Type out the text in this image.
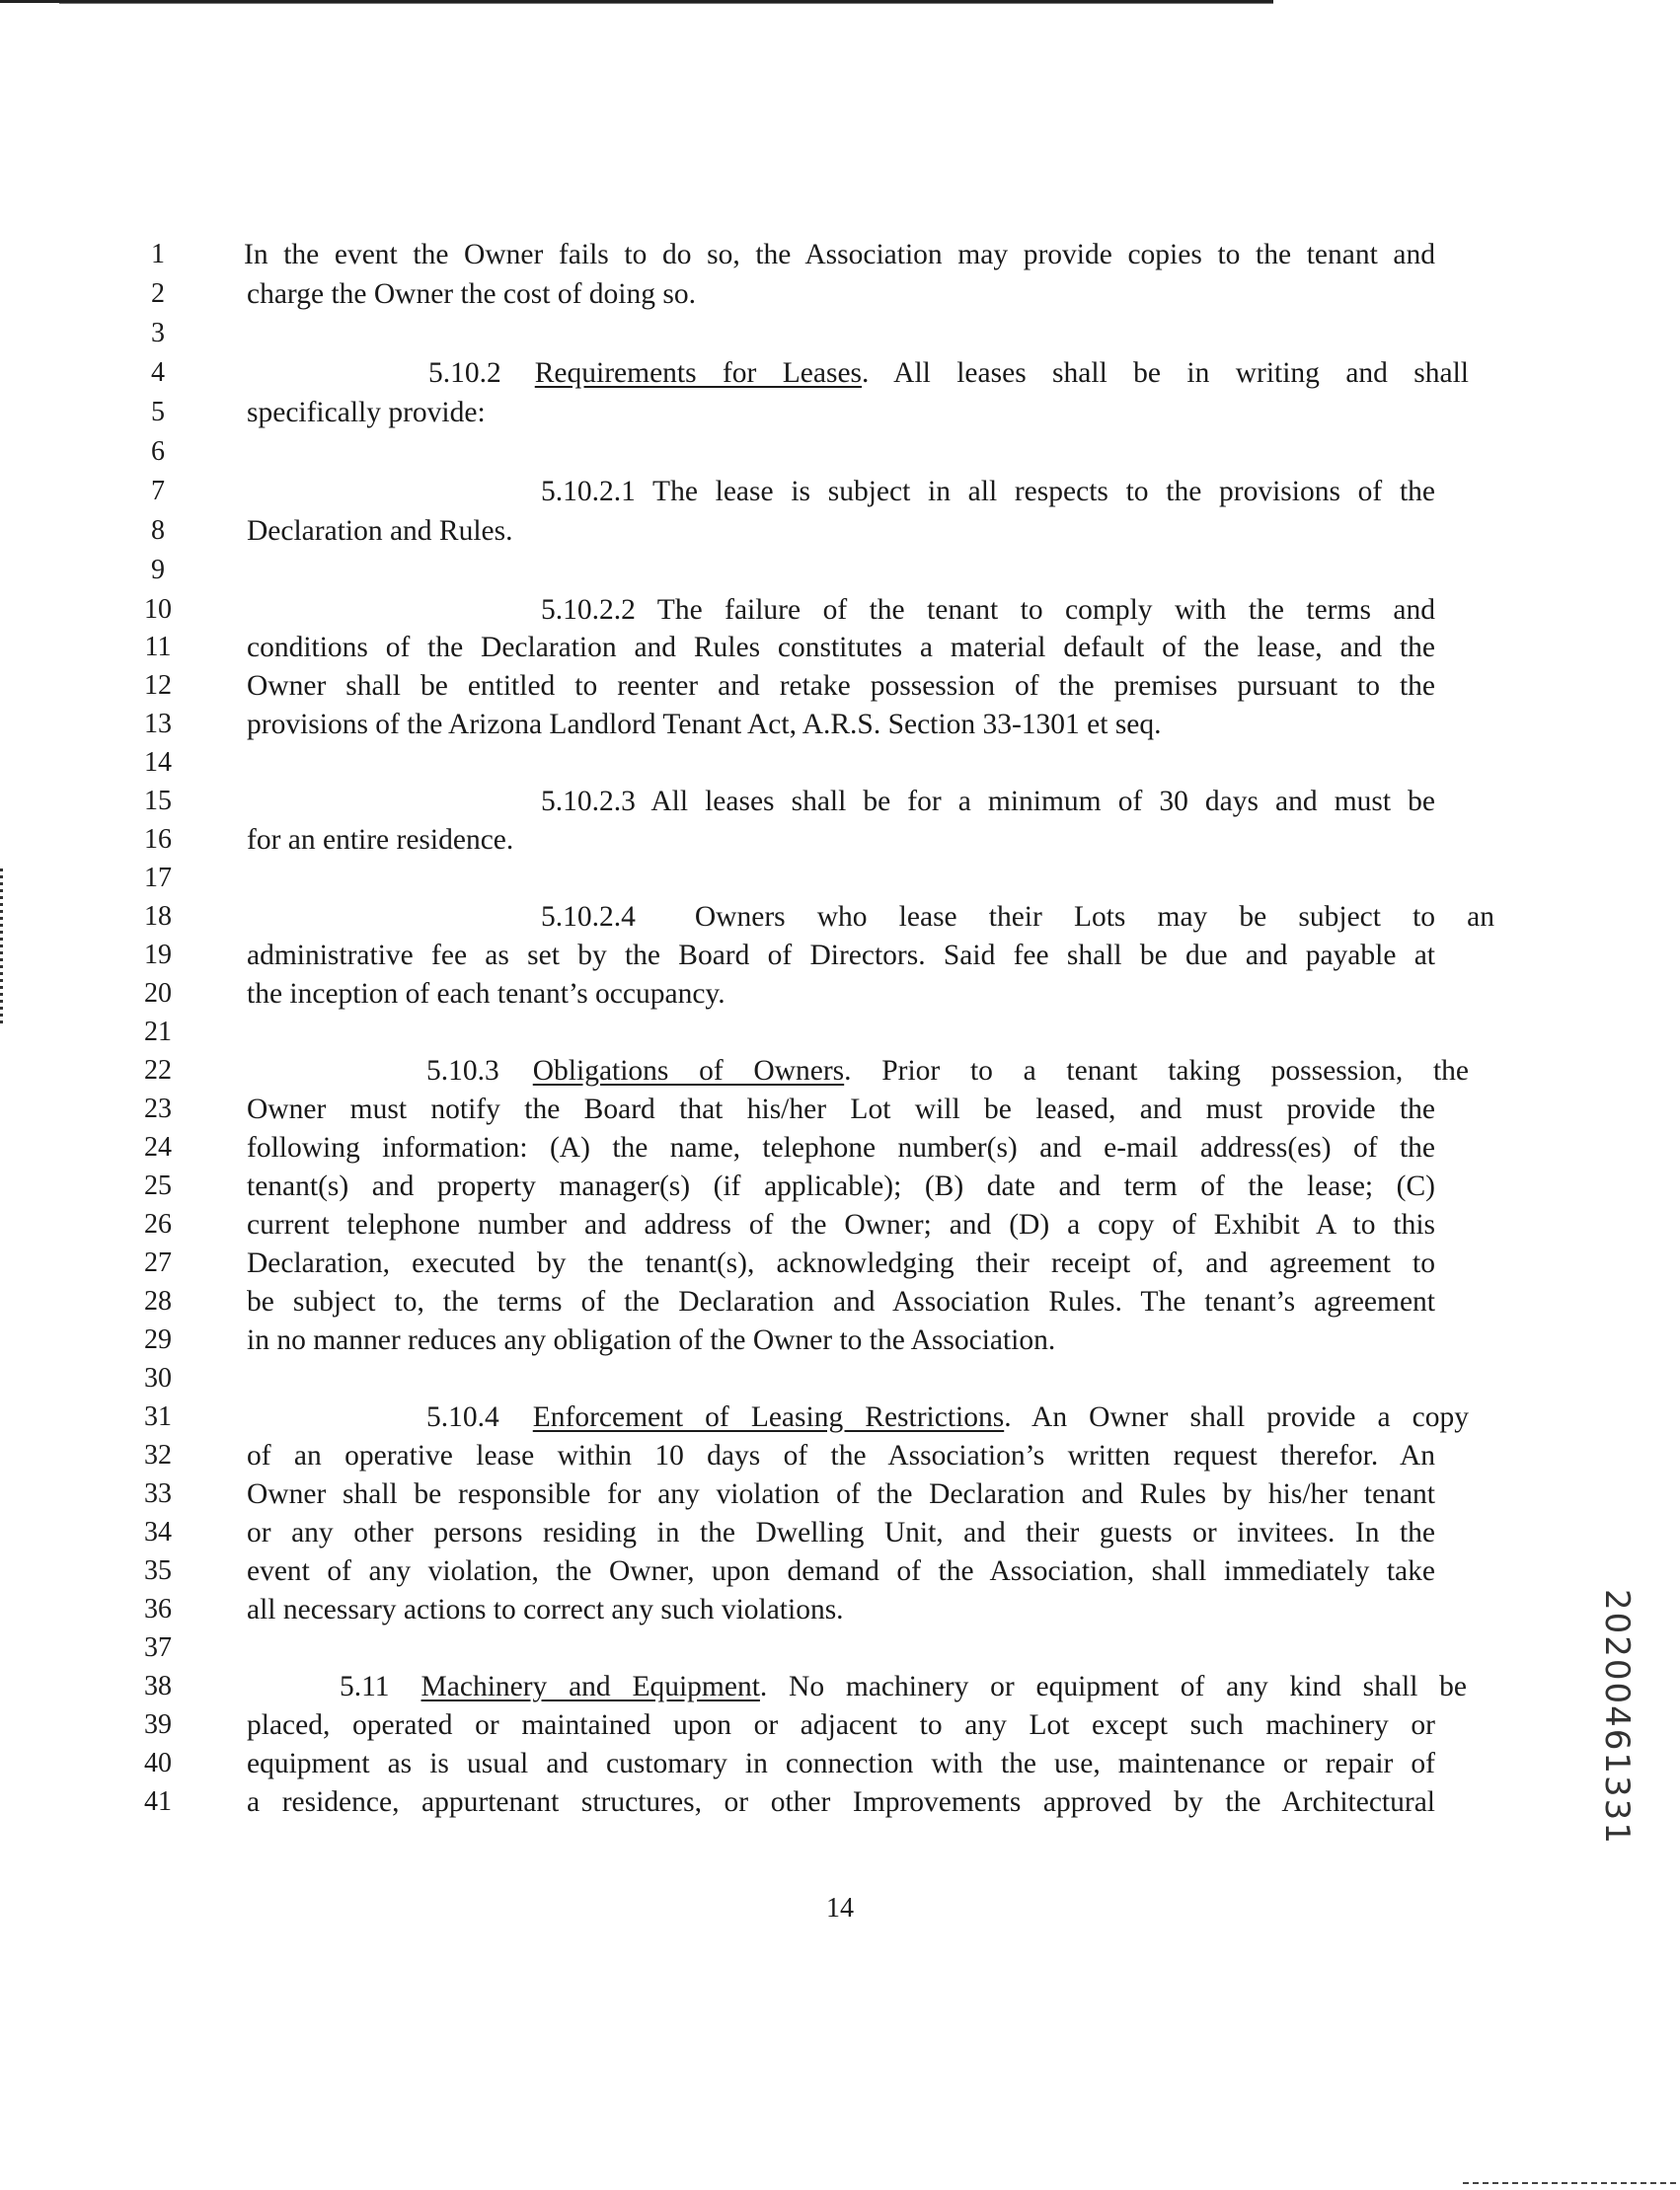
1	In the event the Owner fails to do so, the Association may provide copies to the tenant and
2	charge the Owner the cost of doing so.
3
4	5.10.2 Requirements for Leases. All leases shall be in writing and shall
5	specifically provide:
6
7	5.10.2.1 The lease is subject in all respects to the provisions of the
8	Declaration and Rules.
9
10	5.10.2.2 The failure of the tenant to comply with the terms and
11	conditions of the Declaration and Rules constitutes a material default of the lease, and the
12	Owner shall be entitled to reenter and retake possession of the premises pursuant to the
13	provisions of the Arizona Landlord Tenant Act, A.R.S. Section 33-1301 et seq.
14
15	5.10.2.3 All leases shall be for a minimum of 30 days and must be
16	for an entire residence.
17
18	5.10.2.4 Owners who lease their Lots may be subject to an
19	administrative fee as set by the Board of Directors. Said fee shall be due and payable at
20	the inception of each tenant’s occupancy.
21
22	5.10.3 Obligations of Owners. Prior to a tenant taking possession, the
23	Owner must notify the Board that his/her Lot will be leased, and must provide the
24	following information: (A) the name, telephone number(s) and e-mail address(es) of the
25	tenant(s) and property manager(s) (if applicable); (B) date and term of the lease; (C)
26	current telephone number and address of the Owner; and (D) a copy of Exhibit A to this
27	Declaration, executed by the tenant(s), acknowledging their receipt of, and agreement to
28	be subject to, the terms of the Declaration and Association Rules. The tenant’s agreement
29	in no manner reduces any obligation of the Owner to the Association.
30
31	5.10.4 Enforcement of Leasing Restrictions. An Owner shall provide a copy
32	of an operative lease within 10 days of the Association’s written request therefor. An
33	Owner shall be responsible for any violation of the Declaration and Rules by his/her tenant
34	or any other persons residing in the Dwelling Unit, and their guests or invitees. In the
35	event of any violation, the Owner, upon demand of the Association, shall immediately take
36	all necessary actions to correct any such violations.
37
38	5.11 Machinery and Equipment. No machinery or equipment of any kind shall be
39	placed, operated or maintained upon or adjacent to any Lot except such machinery or
40	equipment as is usual and customary in connection with the use, maintenance or repair of
41	a residence, appurtenant structures, or other Improvements approved by the Architectural
14
20200461331
